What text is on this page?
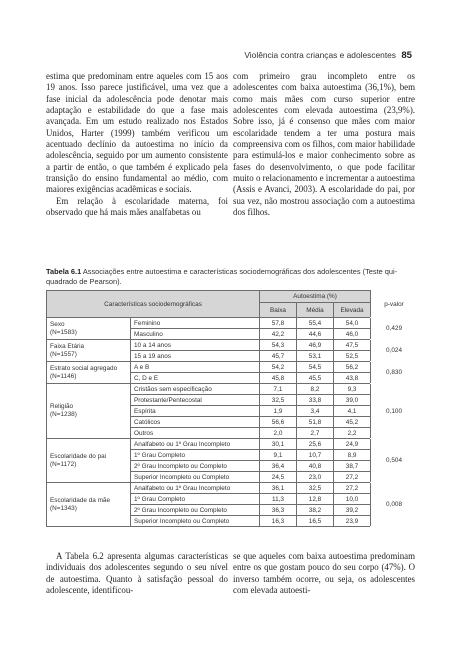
Violência contra crianças e adolescentes 85

estima que predominam entre aqueles com 15 aos 19 anos. Isso parece justificável, uma vez que a fase inicial da adolescência pode denotar mais adaptação e estabilidade do que a fase mais avançada. Em um estudo realizado nos Estados Unidos, Harter (1999) também verificou um acentuado declínio da autoestima no início da adolescência, seguido por um aumento consistente a partir de então, o que também é explicado pela transição do ensino fundamental ao médio, com maiores exigências acadêmicas e sociais.

Em relação à escolaridade materna, foi observado que há mais mães analfabetas ou

com primeiro grau incompleto entre os adolescentes com baixa autoestima (36,1%), bem como mais mães com curso superior entre adolescentes com elevada autoestima (23,9%). Sobre isso, já é consenso que mães com maior escolaridade tendem a ter uma postura mais compreensiva com os filhos, com maior habilidade para estimulá-los e maior conhecimento sobre as fases do desenvolvimento, o que pode facilitar muito o relacionamento e incrementar a autoestima (Assis e Avanci, 2003). A escolaridade do pai, por sua vez, não mostrou associação com a autoestima dos filhos.

Tabela 6.1 Associações entre autoestima e características sociodemográficas dos adolescentes (Teste qui-quadrado de Pearson).
Características sociodemográficas		Autoestima (%)			p-valor
		Baixa	Média	Elevada	
Sexo
(N=1583)	Feminino	57,8	55,4	54,0	0,429
	Masculino	42,2	44,6	46,0	
Faixa Etária
(N=1557)	10 a 14 anos	54,3	46,9	47,5	0,024
	15 a 19 anos	45,7	53,1	52,5	
Estrato social agregado
(N=1146)	A e B	54,2	54,5	56,2	0,830
	C, D e E	45,8	45,5	43,8	
Religião
(N=1238)	Cristãos sem especificação	7,1	8,2	9,3	0,100
	Protestante/Pentecostal	32,5	33,8	39,0	
	Espírita	1,9	3,4	4,1	
	Católicos	56,6	51,8	45,2	
	Outros	2,0	2,7	2,2	
Escolaridade do pai
(N=1172)	Analfabeto ou 1º Grau Incompleto	30,1	25,6	24,9	0,504
	1º Grau Completo	9,1	10,7	8,9	
	2º Grau Incompleto ou Completo	36,4	40,8	38,7	
	Superior Incompleto ou Completo	24,5	23,0	27,2	
Escolaridade da mãe
(N=1343)	Analfabeto ou 1º Grau Incompleto	36,1	32,5	27,2	0,008
	1º Grau Completo	11,3	12,8	10,0	
	2º Grau Incompleto ou Completo	36,3	38,2	39,2	
	Superior Incompleto ou Completo	16,3	16,5	23,9	

A Tabela 6.2 apresenta algumas características individuais dos adolescentes segundo o seu nível de autoestima. Quanto à satisfação pessoal do adolescente, identificou-

se que aqueles com baixa autoestima predominam entre os que gostam pouco do seu corpo (47%). O inverso também ocorre, ou seja, os adolescentes com elevada autoesti-
